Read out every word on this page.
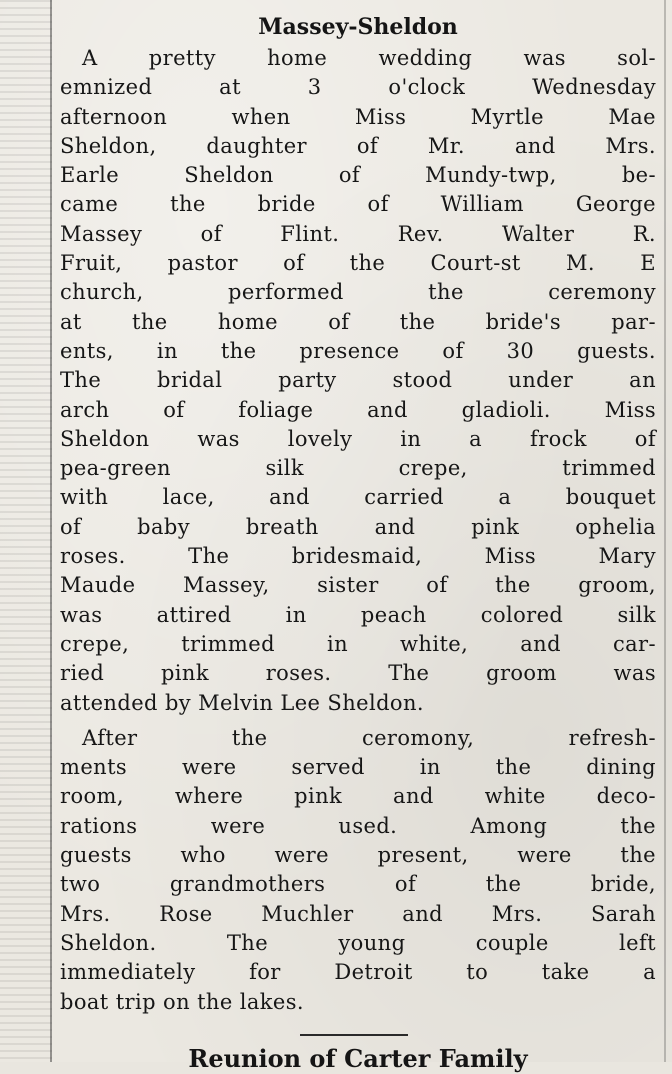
Massey-Sheldon
A pretty home wedding was sol-
emnized at 3 o'clock Wednesday
afternoon when Miss Myrtle Mae
Sheldon, daughter of Mr. and Mrs.
Earle Sheldon of Mundy-twp, be-
came the bride of William George
Massey of Flint. Rev. Walter R.
Fruit, pastor of the Court-st M. E
church, performed the ceremony
at the home of the bride's par-
ents, in the presence of 30 guests.
The bridal party stood under an
arch of foliage and gladioli. Miss
Sheldon was lovely in a frock of
pea-green silk crepe, trimmed
with lace, and carried a bouquet
of baby breath and pink ophelia
roses. The bridesmaid, Miss Mary
Maude Massey, sister of the groom,
was attired in peach colored silk
crepe, trimmed in white, and car-
ried pink roses. The groom was
attended by Melvin Lee Sheldon.
After the ceromony, refresh-
ments were served in the dining
room, where pink and white deco-
rations were used. Among the
guests who were present, were the
two grandmothers of the bride,
Mrs. Rose Muchler and Mrs. Sarah
Sheldon. The young couple left
immediately for Detroit to take a
boat trip on the lakes.
Reunion of Carter Family
